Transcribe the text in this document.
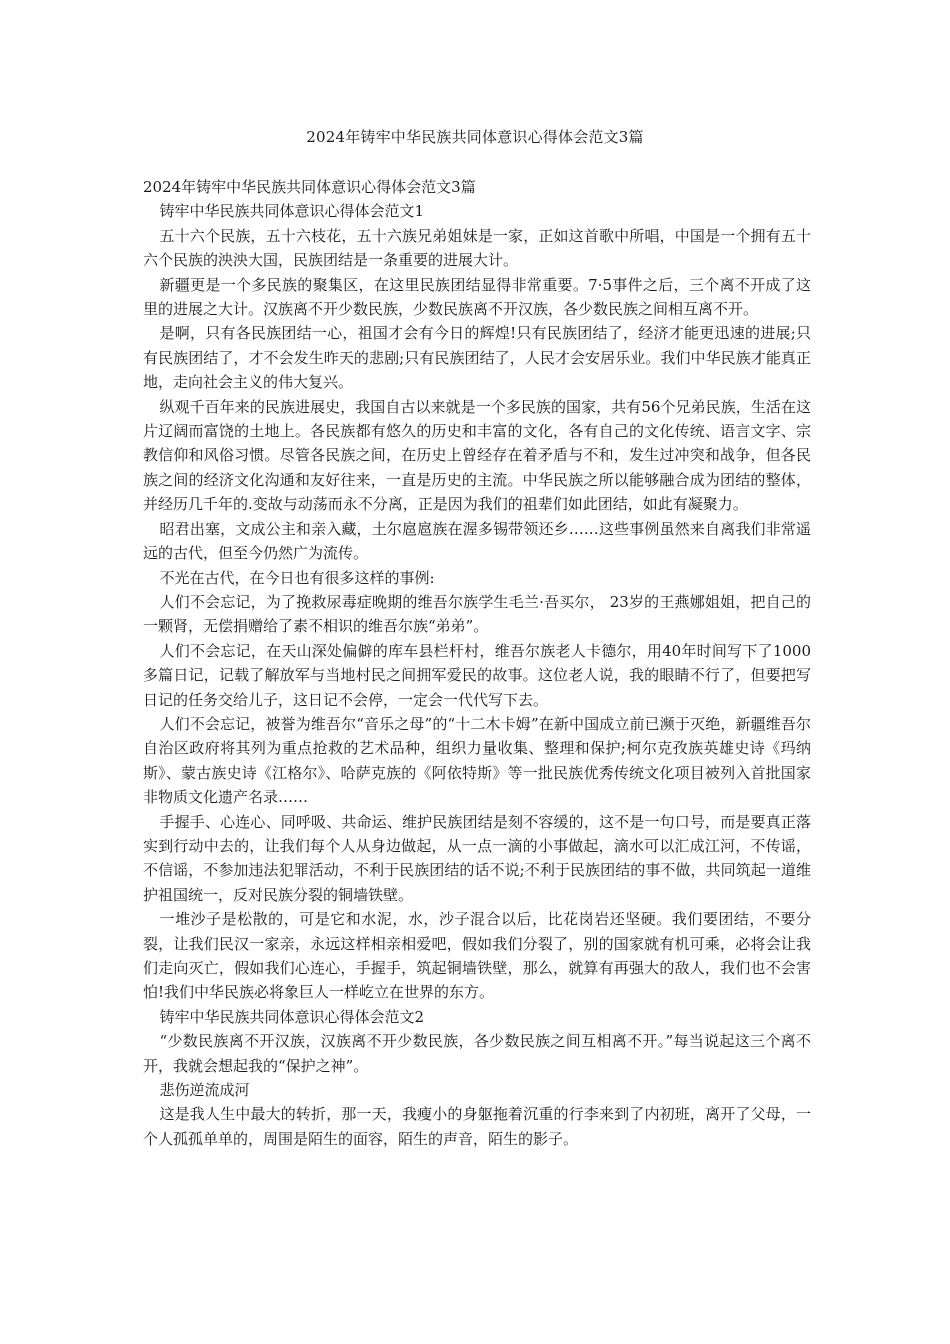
2024年铸牢中华民族共同体意识心得体会范文3篇

2024年铸牢中华民族共同体意识心得体会范文3篇

铸牢中华民族共同体意识心得体会范文1

五十六个民族，五十六枝花，五十六族兄弟姐妹是一家，正如这首歌中所唱，中国是一个拥有五十六个民族的泱泱大国，民族团结是一条重要的进展大计。

新疆更是一个多民族的聚集区，在这里民族团结显得非常重要。7·5事件之后，三个离不开成了这里的进展之大计。汉族离不开少数民族，少数民族离不开汉族，各少数民族之间相互离不开。

是啊，只有各民族团结一心，祖国才会有今日的辉煌!只有民族团结了，经济才能更迅速的进展;只有民族团结了，才不会发生昨天的悲剧;只有民族团结了，人民才会安居乐业。我们中华民族才能真正地，走向社会主义的伟大复兴。

纵观千百年来的民族进展史，我国自古以来就是一个多民族的国家，共有56个兄弟民族，生活在这片辽阔而富饶的土地上。各民族都有悠久的历史和丰富的文化，各有自己的文化传统、语言文字、宗教信仰和风俗习惯。尽管各民族之间，在历史上曾经存在着矛盾与不和，发生过冲突和战争，但各民族之间的经济文化沟通和友好往来，一直是历史的主流。中华民族之所以能够融合成为团结的整体，并经历几千年的.变故与动荡而永不分离，正是因为我们的祖辈们如此团结，如此有凝聚力。

昭君出塞，文成公主和亲入藏，土尔扈扈族在渥多锡带领还乡……这些事例虽然来自离我们非常遥远的古代，但至今仍然广为流传。

不光在古代，在今日也有很多这样的事例:

人们不会忘记，为了挽救尿毒症晚期的维吾尔族学生毛兰·吾买尔， 23岁的王燕娜姐姐，把自己的一颗肾，无偿捐赠给了素不相识的维吾尔族“弟弟”。

人们不会忘记，在天山深处偏僻的库车县栏杆村，维吾尔族老人卡德尔，用40年时间写下了1000多篇日记，记载了解放军与当地村民之间拥军爱民的故事。这位老人说，我的眼睛不行了，但要把写日记的任务交给儿子，这日记不会停，一定会一代代写下去。

人们不会忘记，被誉为维吾尔“音乐之母”的“十二木卡姆”在新中国成立前已濒于灭绝，新疆维吾尔自治区政府将其列为重点抢救的艺术品种，组织力量收集、整理和保护;柯尔克孜族英雄史诗《玛纳斯》、蒙古族史诗《江格尔》、哈萨克族的《阿依特斯》等一批民族优秀传统文化项目被列入首批国家非物质文化遗产名录……

手握手、心连心、同呼吸、共命运、维护民族团结是刻不容缓的，这不是一句口号，而是要真正落实到行动中去的，让我们每个人从身边做起，从一点一滴的小事做起，滴水可以汇成江河，不传谣，不信谣，不参加违法犯罪活动，不利于民族团结的话不说;不利于民族团结的事不做，共同筑起一道维护祖国统一，反对民族分裂的铜墙铁壁。

一堆沙子是松散的，可是它和水泥，水，沙子混合以后，比花岗岩还坚硬。我们要团结，不要分裂，让我们民汉一家亲，永远这样相亲相爱吧，假如我们分裂了，别的国家就有机可乘，必将会让我们走向灭亡，假如我们心连心，手握手，筑起铜墙铁壁，那么，就算有再强大的敌人，我们也不会害怕!我们中华民族必将象巨人一样屹立在世界的东方。

铸牢中华民族共同体意识心得体会范文2

“少数民族离不开汉族，汉族离不开少数民族，各少数民族之间互相离不开。”每当说起这三个离不开，我就会想起我的“保护之神”。

悲伤逆流成河

这是我人生中最大的转折，那一天，我瘦小的身躯拖着沉重的行李来到了内初班，离开了父母，一个人孤孤单单的，周围是陌生的面容，陌生的声音，陌生的影子。
